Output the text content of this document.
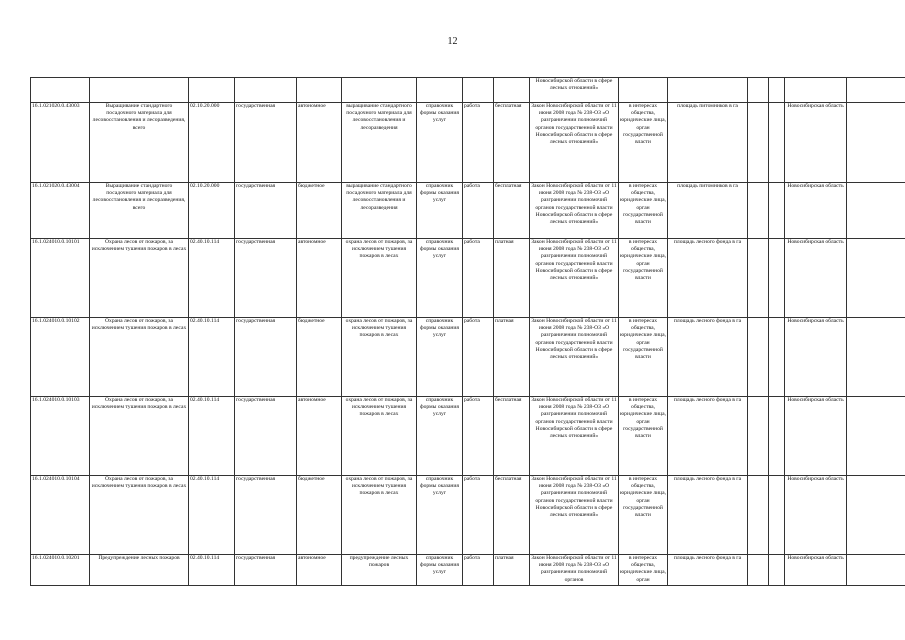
12
									Новосибирской области в сфере лесных отношений»						
16.1.021020.0.43003	Выращивание стандартного посадочного материала для лесовосстановления и лесоразведения, всего	02.10.20.000	государственная	автономное	выращивание стандартного посадочного материала для лесовосстановления и лесоразведения	справочник формы оказания услуг	работа	бесплатная	Закон Новосибирской области от 11 июня 2008 года № 238-ОЗ «О разграничении полномочий органов государственной власти Новосибирской области в сфере лесных отношений»	в интересах общества, юридические лица, орган государственной власти	площадь питомников в га			Новосибирская область	
16.1.021020.0.43004	Выращивание стандартного посадочного материала для лесовосстановления и лесоразведения, всего	02.10.20.000	государственная	бюджетное	выращивание стандартного посадочного материала для лесовосстановления и лесоразведения	справочник формы оказания услуг	работа	бесплатная	Закон Новосибирской области от 11 июня 2008 года № 238-ОЗ «О разграничении полномочий органов государственной власти Новосибирской области в сфере лесных отношений»	в интересах общества, юридические лица, орган государственной власти	площадь питомников в га			Новосибирская область	
16.1.024010.0.10101	Охрана лесов от пожаров, за исключением тушения пожаров в лесах	02.40.10.114	государственная	автономное	охрана лесов от пожаров, за исключением тушения пожаров в лесах	справочник формы оказания услуг	работа	платная	Закон Новосибирской области от 11 июня 2008 года № 238-ОЗ «О разграничении полномочий органов государственной власти Новосибирской области в сфере лесных отношений»	в интересах общества, юридические лица, орган государственной власти	площадь лесного фонда в га			Новосибирская область	
16.1.024010.0.10102	Охрана лесов от пожаров, за исключением тушения пожаров в лесах	02.40.10.114	государственная	бюджетное	охрана лесов от пожаров, за исключением тушения пожаров в лесах	справочник формы оказания услуг	работа	платная	Закон Новосибирской области от 11 июня 2008 года № 238-ОЗ «О разграничении полномочий органов государственной власти Новосибирской области в сфере лесных отношений»	в интересах общества, юридические лица, орган государственной власти	площадь лесного фонда в га			Новосибирская область	
16.1.024010.0.10103	Охрана лесов от пожаров, за исключением тушения пожаров в лесах	02.40.10.114	государственная	автономное	охрана лесов от пожаров, за исключением тушения пожаров в лесах	справочник формы оказания услуг	работа	бесплатная	Закон Новосибирской области от 11 июня 2008 года № 238-ОЗ «О разграничении полномочий органов государственной власти Новосибирской области в сфере лесных отношений»	в интересах общества, юридические лица, орган государственной власти	площадь лесного фонда в га			Новосибирская область	
16.1.024010.0.10104	Охрана лесов от пожаров, за исключением тушения пожаров в лесах	02.40.10.114	государственная	бюджетное	охрана лесов от пожаров, за исключением тушения пожаров в лесах	справочник формы оказания услуг	работа	бесплатная	Закон Новосибирской области от 11 июня 2008 года № 238-ОЗ «О разграничении полномочий органов государственной власти Новосибирской области в сфере лесных отношений»	в интересах общества, юридические лица, орган государственной власти	площадь лесного фонда в га			Новосибирская область	
16.1.024010.0.10201	Предупреждение лесных пожаров	02.40.10.114	государственная	автономное	предупреждение лесных пожаров	справочник формы оказания услуг	работа	платная	Закон Новосибирской области от 11 июня 2008 года № 238-ОЗ «О разграничении полномочий органов	в интересах общества, юридические лица, орган	площадь лесного фонда в га			Новосибирская область	
